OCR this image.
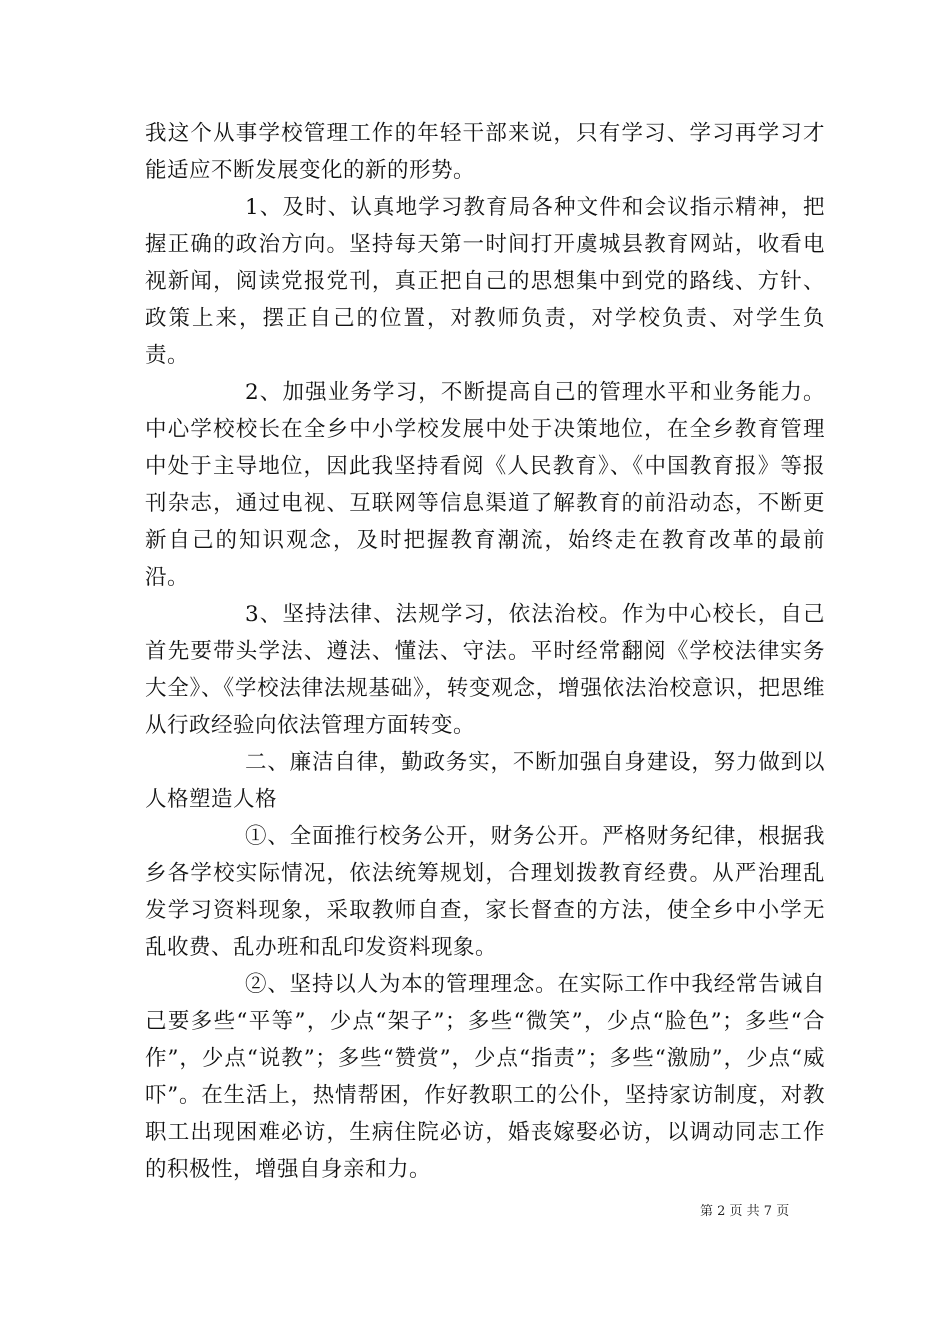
我这个从事学校管理工作的年轻干部来说，只有学习、学习再学习才能适应不断发展变化的新的形势。

1、及时、认真地学习教育局各种文件和会议指示精神，把握正确的政治方向。坚持每天第一时间打开虞城县教育网站，收看电视新闻，阅读党报党刊，真正把自己的思想集中到党的路线、方针、政策上来，摆正自己的位置，对教师负责，对学校负责、对学生负责。

2、加强业务学习，不断提高自己的管理水平和业务能力。中心学校校长在全乡中小学校发展中处于决策地位，在全乡教育管理中处于主导地位，因此我坚持看阅《人民教育》、《中国教育报》等报刊杂志，通过电视、互联网等信息渠道了解教育的前沿动态，不断更新自己的知识观念，及时把握教育潮流，始终走在教育改革的最前沿。

3、坚持法律、法规学习，依法治校。作为中心校长，自己首先要带头学法、遵法、懂法、守法。平时经常翻阅《学校法律实务大全》、《学校法律法规基础》，转变观念，增强依法治校意识，把思维从行政经验向依法管理方面转变。

二、廉洁自律，勤政务实，不断加强自身建设，努力做到以人格塑造人格

①、全面推行校务公开，财务公开。严格财务纪律，根据我乡各学校实际情况，依法统筹规划，合理划拨教育经费。从严治理乱发学习资料现象，采取教师自查，家长督查的方法，使全乡中小学无乱收费、乱办班和乱印发资料现象。

②、坚持以人为本的管理理念。在实际工作中我经常告诫自己要多些“平等”，少点“架子”；多些“微笑”，少点“脸色”；多些“合作”，少点“说教”；多些“赞赏”，少点“指责”；多些“激励”，少点“威吓”。在生活上，热情帮困，作好教职工的公仆，坚持家访制度，对教职工出现困难必访，生病住院必访，婚丧嫁娶必访，以调动同志工作的积极性，增强自身亲和力。

第 2 页 共 7 页
